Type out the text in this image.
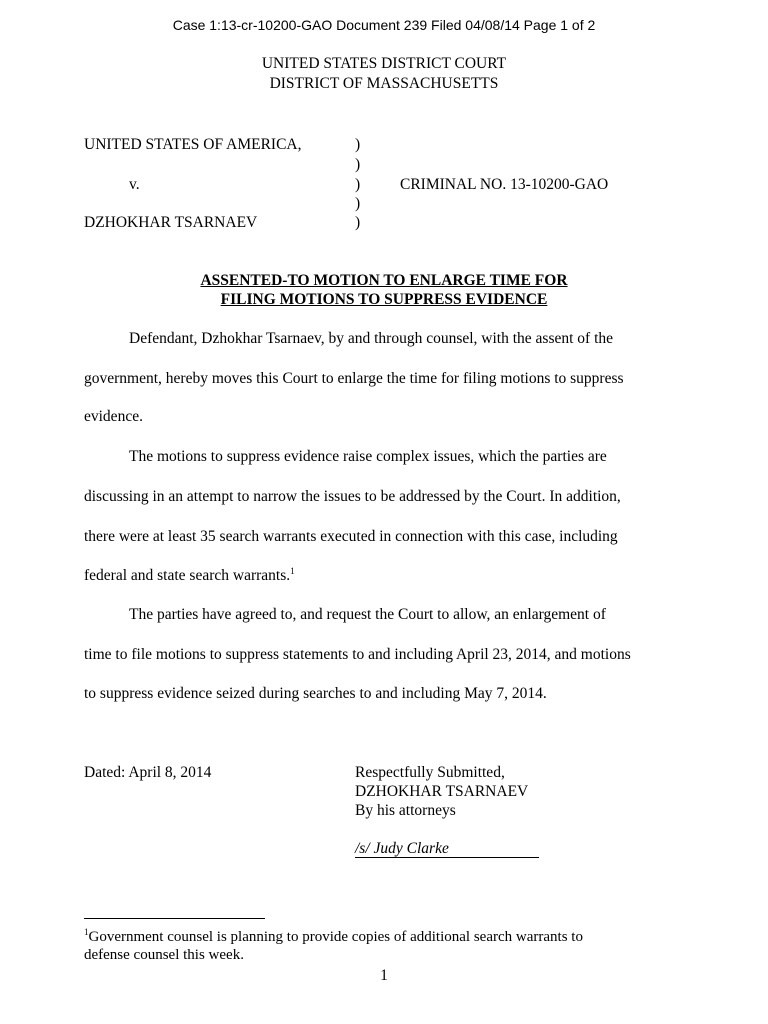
Case 1:13-cr-10200-GAO Document 239 Filed 04/08/14 Page 1 of 2
UNITED STATES DISTRICT COURT
DISTRICT OF MASSACHUSETTS
UNITED STATES OF AMERICA,
v.
DZHOKHAR TSARNAEV
)
)
)
)
)
CRIMINAL NO. 13-10200-GAO
ASSENTED-TO MOTION TO ENLARGE TIME FOR
FILING MOTIONS TO SUPPRESS EVIDENCE
Defendant, Dzhokhar Tsarnaev, by and through counsel, with the assent of the
government, hereby moves this Court to enlarge the time for filing motions to suppress
evidence.
The motions to suppress evidence raise complex issues, which the parties are
discussing in an attempt to narrow the issues to be addressed by the Court. In addition,
there were at least 35 search warrants executed in connection with this case, including
federal and state search warrants.$^1$
The parties have agreed to, and request the Court to allow, an enlargement of
time to file motions to suppress statements to and including April 23, 2014, and motions
to suppress evidence seized during searches to and including May 7, 2014.
Dated: April 8, 2014	Respectfully Submitted,
DZHOKHAR TSARNAEV
By his attorneys
/s/ Judy Clarke
$^1$Government counsel is planning to provide copies of additional search warrants to
defense counsel this week.
1
